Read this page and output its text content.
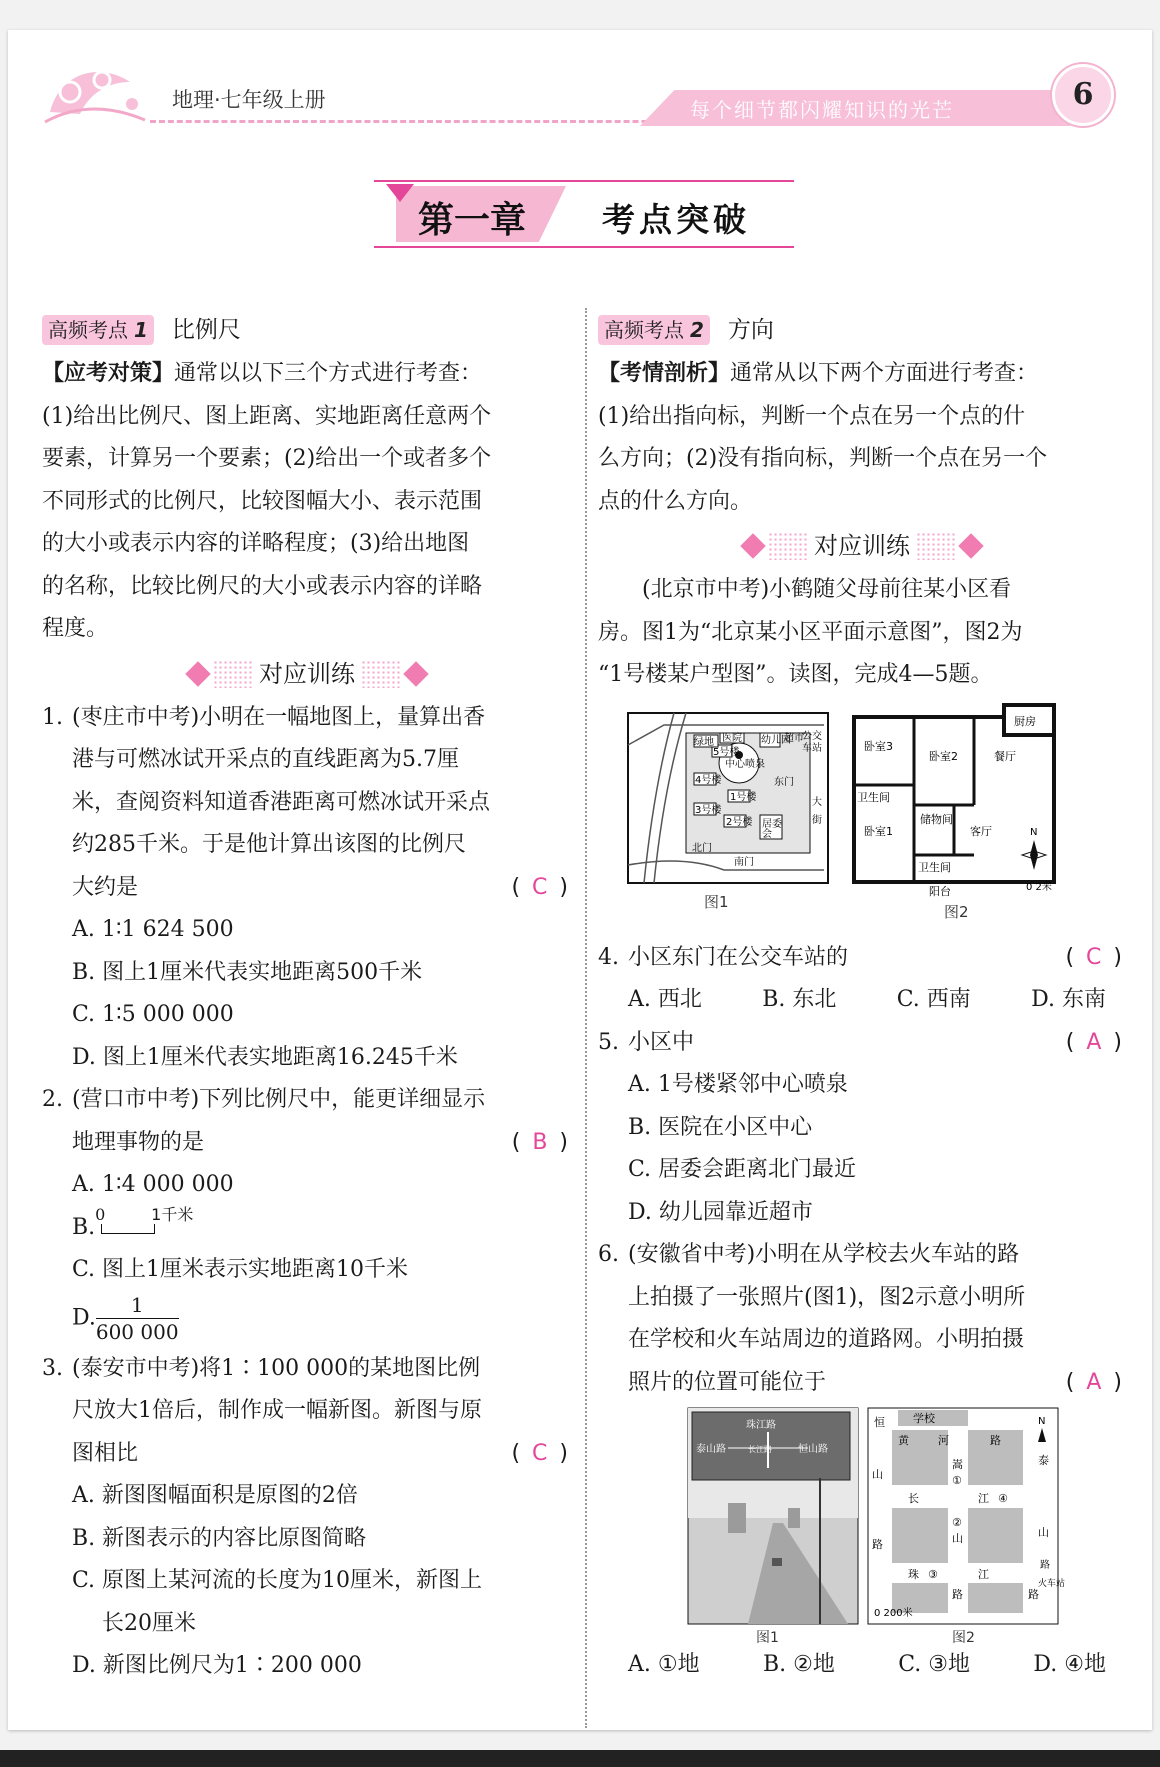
地理·七年级上册	每个细节都闪耀知识的光芒	6
第一章 考点突破
高频考点 1 比例尺
【应考对策】通常以以下三个方式进行考查：
(1)给出比例尺、图上距离、实地距离任意两个
要素，计算另一个要素；(2)给出一个或者多个
不同形式的比例尺，比较图幅大小、表示范围
的大小或表示内容的详略程度；(3)给出地图
的名称，比较比例尺的大小或表示内容的详略
程度。
对应训练
1. (枣庄市中考)小明在一幅地图上，量算出香
港与可燃冰试开采点的直线距离为5.7厘
米，查阅资料知道香港距离可燃冰试开采点
约285千米。于是他计算出该图的比例尺
大约是	( C )
A. 1∶1 624 500
B. 图上1厘米代表实地距离500千米
C. 1∶5 000 000
D. 图上1厘米代表实地距离16.245千米
2. (营口市中考)下列比例尺中，能更详细显示
地理事物的是	( B )
A. 1∶4 000 000
B.
0	1千米
C. 图上1厘米表示实地距离10千米
D. $\frac{1}{600 000}$
3. (泰安市中考)将1∶100 000的某地图比例
尺放大1倍后，制作成一幅新图。新图与原
图相比	( C )
A. 新图图幅面积是原图的2倍
B. 新图表示的内容比原图简略
C. 原图上某河流的长度为10厘米，新图上
长20厘米
D. 新图比例尺为1∶200 000
高频考点 2 方向
【考情剖析】通常从以下两个方面进行考查：
(1)给出指向标，判断一个点在另一个点的什
么方向；(2)没有指向标，判断一个点在另一个
点的什么方向。
对应训练
(北京市中考)小鹤随父母前往某小区看
房。图1为“北京某小区平面示意图”，图2为
“1号楼某户型图”。读图，完成4—5题。
绿地 医院 幼儿园
超市
公交
车站
5号楼
4号楼
中心喷泉
3号楼
1号楼
2号楼
东门
居委
会
北门
南门
大
街
图1
厨房
卧室3
卧室2	餐厅
卫生间
储物间
卧室1	客厅
卫生间
阳台
N
0 2米
图2
4. 小区东门在公交车站的	( C )
A. 西北	B. 东北	C. 西南	D. 东南
5. 小区中	( A )
A. 1号楼紧邻中心喷泉
B. 医院在小区中心
C. 居委会距离北门最近
D. 幼儿园靠近超市
6. (安徽省中考)小明在从学校去火车站的路
上拍摄了一张照片(图1)，图2示意小明所
在学校和火车站周边的道路网。小明拍摄
照片的位置可能位于	( A )
珠江路
泰山路	长江路	恒山路
图1
学校
恒
黄	河	路
嵩	泰
①
④
山
长	江
②
山	山
路
珠 ③	江
路	路
路
火车站
0 200米
N
图2
A. ①地	B. ②地	C. ③地	D. ④地
